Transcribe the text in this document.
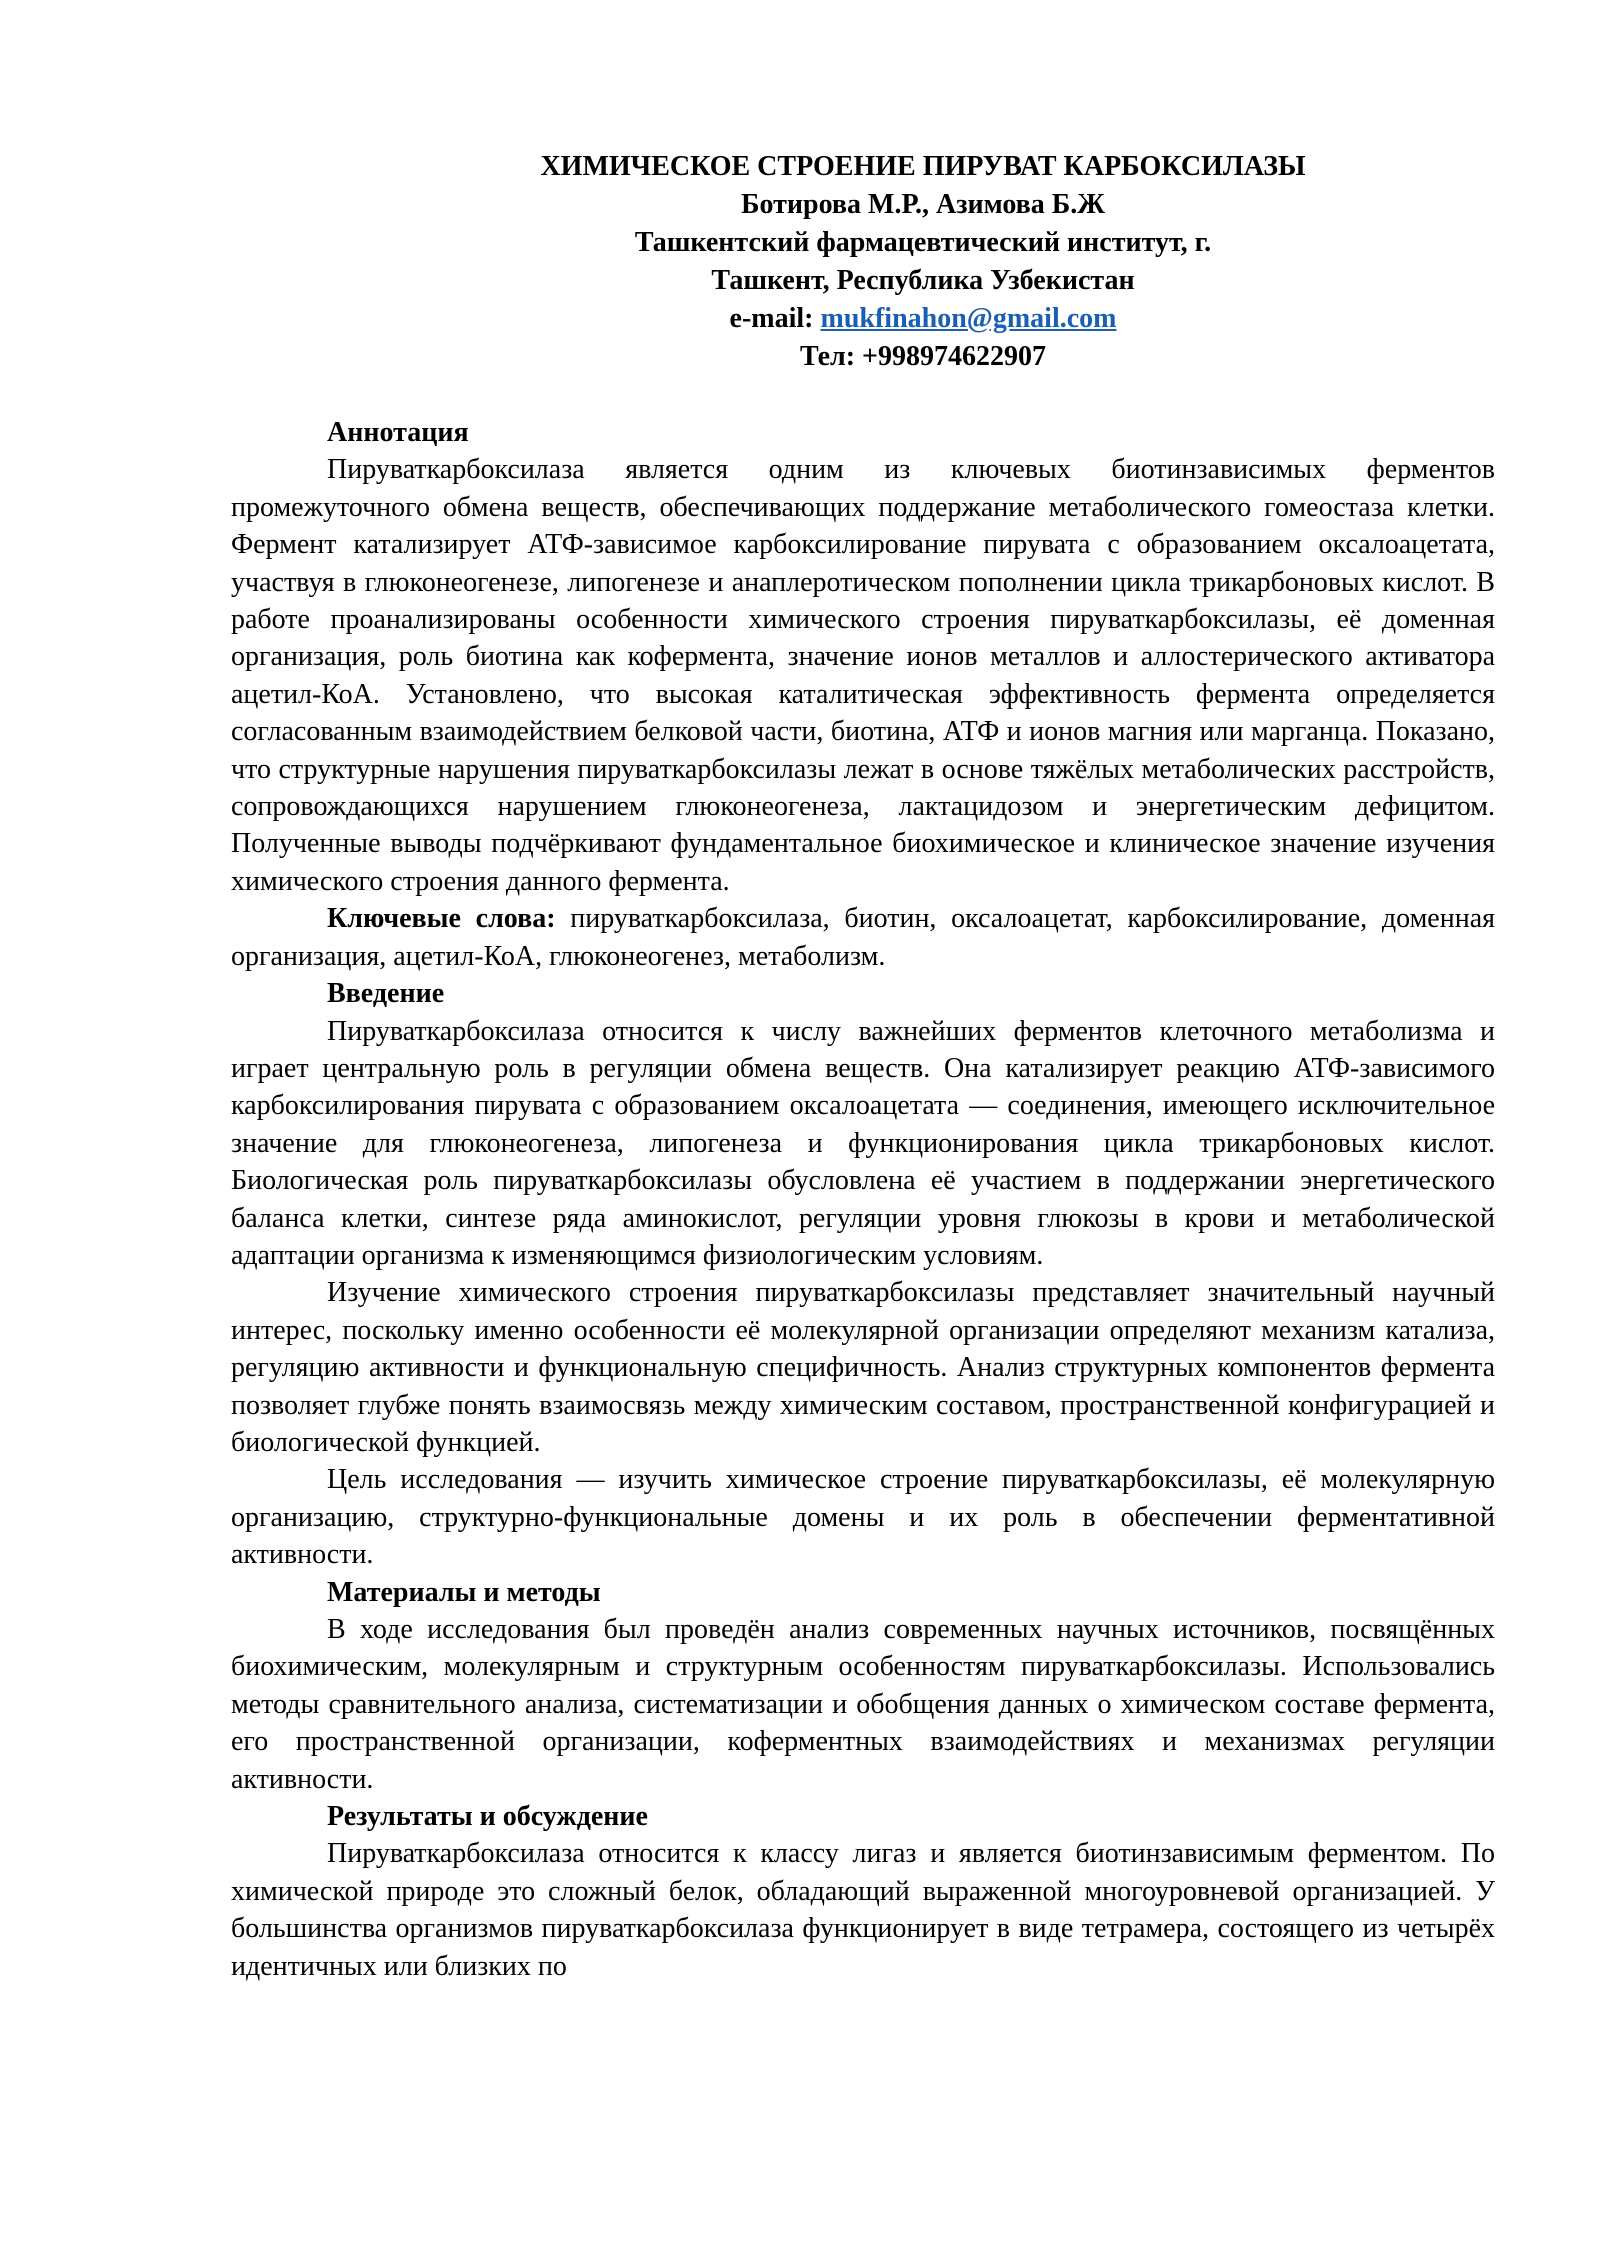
ХИМИЧЕСКОЕ СТРОЕНИЕ ПИРУВАТ КАРБОКСИЛАЗЫ
Ботирова М.Р., Азимова Б.Ж
Ташкентский фармацевтический институт, г.
Ташкент, Республика Узбекистан
e-mail: mukfinahon@gmail.com
Тел: +998974622907
Аннотация

Пируваткарбоксилаза является одним из ключевых биотинзависимых ферментов промежуточного обмена веществ, обеспечивающих поддержание метаболического гомеостаза клетки. Фермент катализирует АТФ-зависимое карбоксилирование пирувата с образованием оксалоацетата, участвуя в глюконеогенезе, липогенезе и анаплеротическом пополнении цикла трикарбоновых кислот. В работе проанализированы особенности химического строения пируваткарбоксилазы, её доменная организация, роль биотина как кофермента, значение ионов металлов и аллостерического активатора ацетил-КоА. Установлено, что высокая каталитическая эффективность фермента определяется согласованным взаимодействием белковой части, биотина, АТФ и ионов магния или марганца. Показано, что структурные нарушения пируваткарбоксилазы лежат в основе тяжёлых метаболических расстройств, сопровождающихся нарушением глюконеогенеза, лактацидозом и энергетическим дефицитом. Полученные выводы подчёркивают фундаментальное биохимическое и клиническое значение изучения химического строения данного фермента.

Ключевые слова: пируваткарбоксилаза, биотин, оксалоацетат, карбоксилирование, доменная организация, ацетил-КоА, глюконеогенез, метаболизм.

Введение

Пируваткарбоксилаза относится к числу важнейших ферментов клеточного метаболизма и играет центральную роль в регуляции обмена веществ. Она катализирует реакцию АТФ-зависимого карбоксилирования пирувата с образованием оксалоацетата — соединения, имеющего исключительное значение для глюконеогенеза, липогенеза и функционирования цикла трикарбоновых кислот. Биологическая роль пируваткарбоксилазы обусловлена её участием в поддержании энергетического баланса клетки, синтезе ряда аминокислот, регуляции уровня глюкозы в крови и метаболической адаптации организма к изменяющимся физиологическим условиям.

Изучение химического строения пируваткарбоксилазы представляет значительный научный интерес, поскольку именно особенности её молекулярной организации определяют механизм катализа, регуляцию активности и функциональную специфичность. Анализ структурных компонентов фермента позволяет глубже понять взаимосвязь между химическим составом, пространственной конфигурацией и биологической функцией.

Цель исследования — изучить химическое строение пируваткарбоксилазы, её молекулярную организацию, структурно-функциональные домены и их роль в обеспечении ферментативной активности.

Материалы и методы

В ходе исследования был проведён анализ современных научных источников, посвящённых биохимическим, молекулярным и структурным особенностям пируваткарбоксилазы. Использовались методы сравнительного анализа, систематизации и обобщения данных о химическом составе фермента, его пространственной организации, коферментных взаимодействиях и механизмах регуляции активности.

Результаты и обсуждение

Пируваткарбоксилаза относится к классу лигаз и является биотинзависимым ферментом. По химической природе это сложный белок, обладающий выраженной многоуровневой организацией. У большинства организмов пируваткарбоксилаза функционирует в виде тетрамера, состоящего из четырёх идентичных или близких по
